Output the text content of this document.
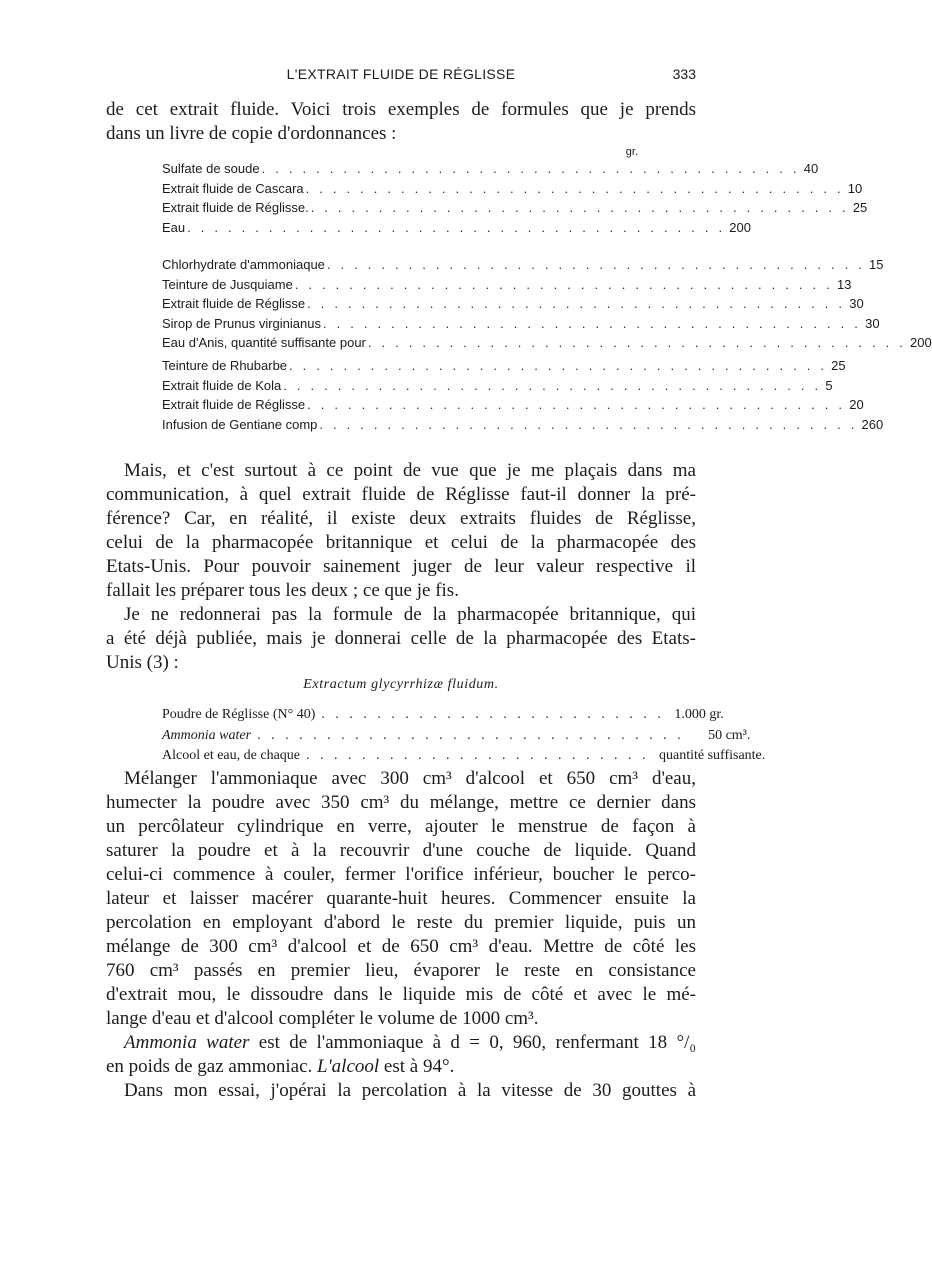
L'EXTRAIT FLUIDE DE RÉGLISSE	333

de cet extrait fluide. Voici trois exemples de formules que je prends
dans un livre de copie d'ordonnances :

gr.
Sulfate de soude . . . . . . . . . . . . . . . . . . . . . . . . . . . . . . . . . . . . . . . . 40
Extrait fluide de Cascara . . . . . . . . . . . . . . . . . . . . . . . . . . . . . . . . . . . . . . . . 10
Extrait fluide de Réglisse. . . . . . . . . . . . . . . . . . . . . . . . . . . . . . . . . . . . . . . . . 25
Eau . . . . . . . . . . . . . . . . . . . . . . . . . . . . . . . . . . . . . . . . 200
Chlorhydrate d'ammoniaque . . . . . . . . . . . . . . . . . . . . . . . . . . . . . . . . . . . . . . . . 15
Teinture de Jusquiame . . . . . . . . . . . . . . . . . . . . . . . . . . . . . . . . . . . . . . . . 13
Extrait fluide de Réglisse . . . . . . . . . . . . . . . . . . . . . . . . . . . . . . . . . . . . . . . . 30
Sirop de Prunus virginianus . . . . . . . . . . . . . . . . . . . . . . . . . . . . . . . . . . . . . . . . 30
Eau d'Anis, quantité suffisante pour . . . . . . . . . . . . . . . . . . . . . . . . . . . . . . . . . . . . . . . . 200
Teinture de Rhubarbe . . . . . . . . . . . . . . . . . . . . . . . . . . . . . . . . . . . . . . . . 25
Extrait fluide de Kola . . . . . . . . . . . . . . . . . . . . . . . . . . . . . . . . . . . . . . . . 5
Extrait fluide de Réglisse . . . . . . . . . . . . . . . . . . . . . . . . . . . . . . . . . . . . . . . . 20
Infusion de Gentiane comp . . . . . . . . . . . . . . . . . . . . . . . . . . . . . . . . . . . . . . . . 260

Mais, et c'est surtout à ce point de vue que je me plaçais dans ma
communication, à quel extrait fluide de Réglisse faut-il donner la pré-
férence? Car, en réalité, il existe deux extraits fluides de Réglisse,
celui de la pharmacopée britannique et celui de la pharmacopée des
Etats-Unis. Pour pouvoir sainement juger de leur valeur respective il
fallait les préparer tous les deux ; ce que je fis.

Je ne redonnerai pas la formule de la pharmacopée britannique, qui
a été déjà publiée, mais je donnerai celle de la pharmacopée des Etats-
Unis (3) :

Extractum glycyrrhizæ fluidum.
Poudre de Réglisse (N° 40) . . . . . . . . . . . . . . . . . . . . . . . . . 1.000 gr.
Ammonia water . . . . . . . . . . . . . . . . . . . . . . . . . . . . . . .	50 cm³.
Alcool et eau, de chaque . . . . . . . . . . . . . . . . . . . . . . . . . quantité suffisante.

Mélanger l'ammoniaque avec 300 cm³ d'alcool et 650 cm³ d'eau,
humecter la poudre avec 350 cm³ du mélange, mettre ce dernier dans
un percôlateur cylindrique en verre, ajouter le menstrue de façon à
saturer la poudre et à la recouvrir d'une couche de liquide. Quand
celui-ci commence à couler, fermer l'orifice inférieur, boucher le perco-
lateur et laisser macérer quarante-huit heures. Commencer ensuite la
percolation en employant d'abord le reste du premier liquide, puis un
mélange de 300 cm³ d'alcool et de 650 cm³ d'eau. Mettre de côté les
760 cm³ passés en premier lieu, évaporer le reste en consistance
d'extrait mou, le dissoudre dans le liquide mis de côté et avec le mé-
lange d'eau et d'alcool compléter le volume de 1000 cm³.

Ammonia water est de l'ammoniaque à d = 0, 960, renfermant 18 °/₀
en poids de gaz ammoniac. L'alcool est à 94°.

Dans mon essai, j'opérai la percolation à la vitesse de 30 gouttes à
